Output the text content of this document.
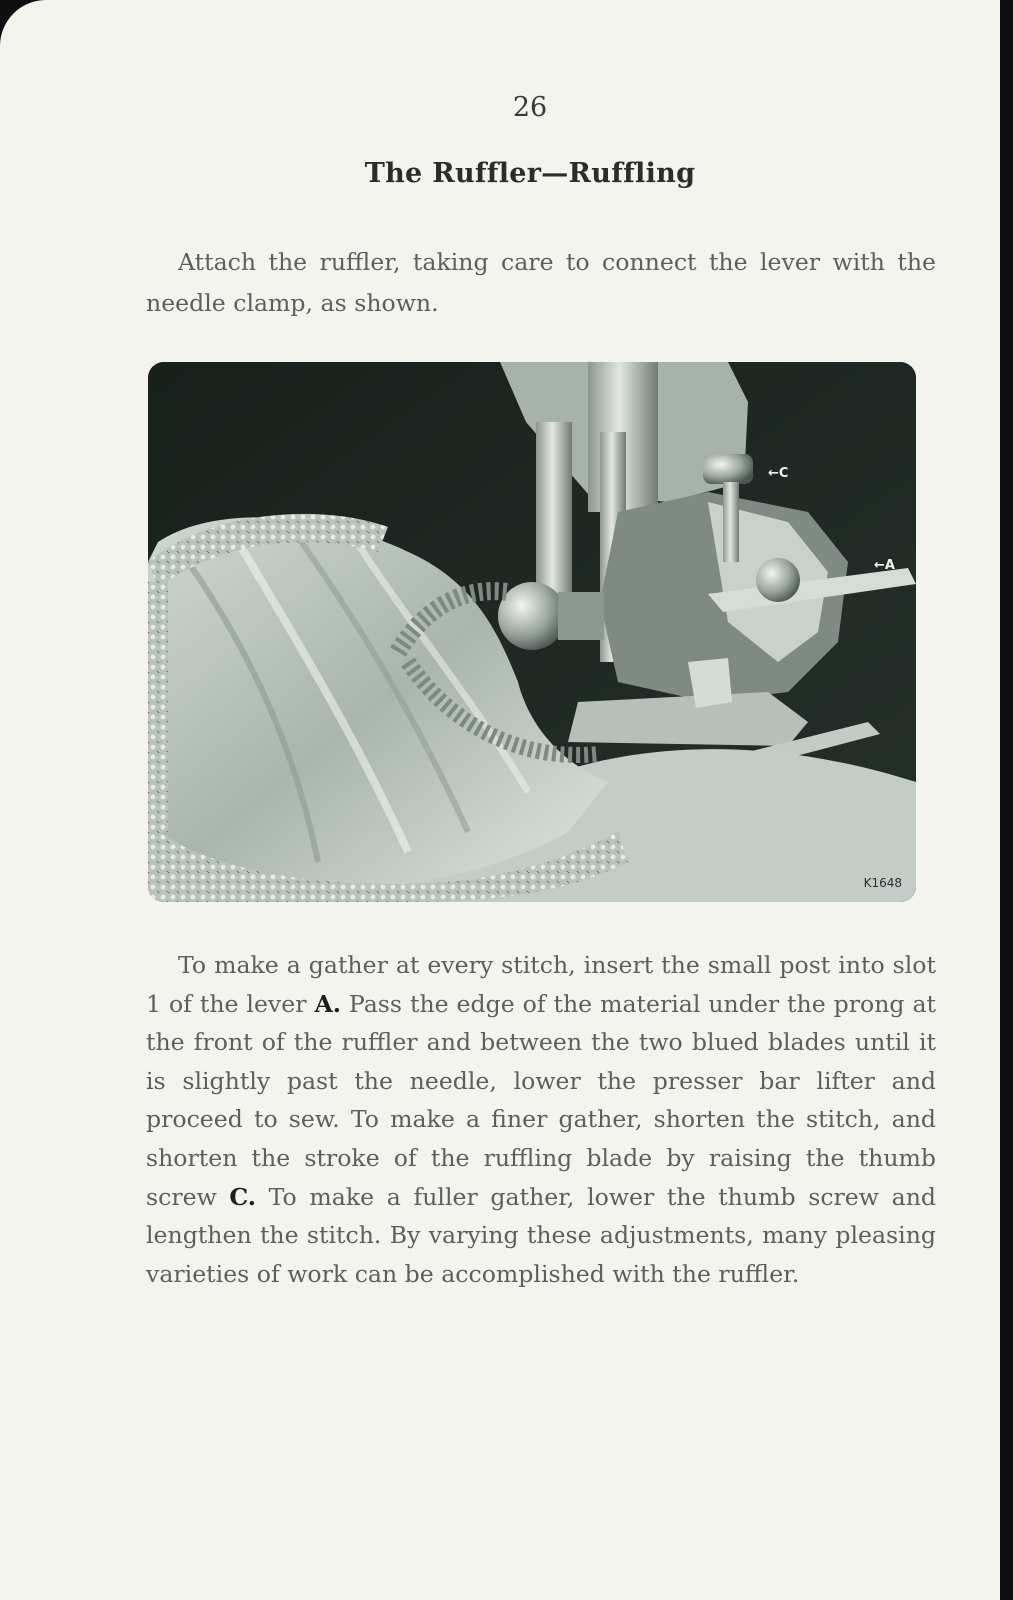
26
The Ruffler—Ruffling

Attach the ruffler, taking care to connect the lever with the needle clamp, as shown.

←C
←A
K1648

To make a gather at every stitch, insert the small post into slot 1 of the lever A. Pass the edge of the material under the prong at the front of the ruffler and between the two blued blades until it is slightly past the needle, lower the presser bar lifter and proceed to sew. To make a finer gather, shorten the stitch, and shorten the stroke of the ruffling blade by raising the thumb screw C. To make a fuller gather, lower the thumb screw and lengthen the stitch. By varying these adjustments, many pleasing varieties of work can be accomplished with the ruffler.
